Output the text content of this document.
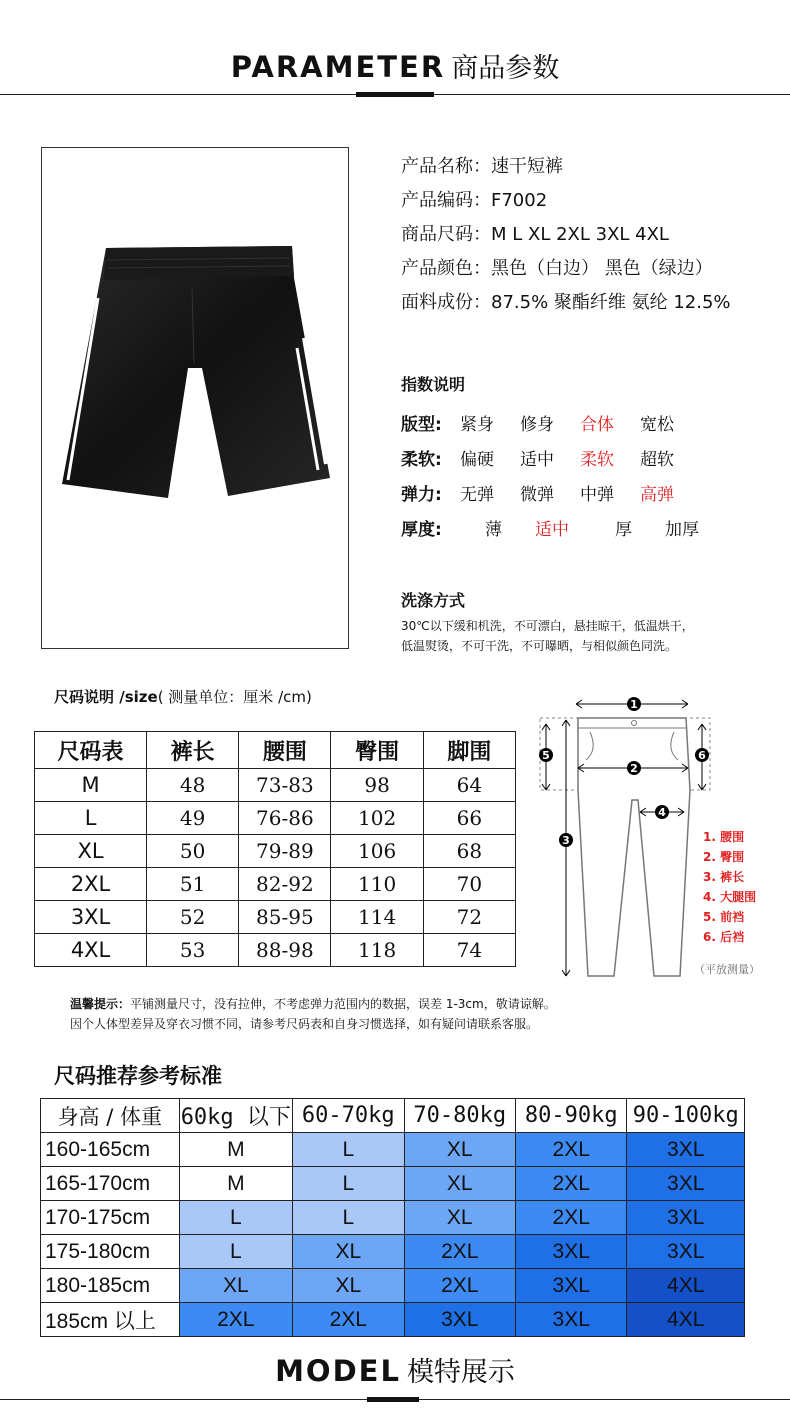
PARAMETER 商品参数
产品名称：速干短裤
产品编码：F7002
商品尺码：M L XL 2XL 3XL 4XL
产品颜色：黑色（白边） 黑色（绿边）
面料成份：87.5% 聚酯纤维 氨纶 12.5%
指数说明
版型: 紧身 修身 合体 宽松
柔软: 偏硬 适中 柔软 超软
弹力: 无弹 微弹 中弹 高弹
厚度:	薄 适中	厚 加厚
洗涤方式
30℃以下缓和机洗，不可漂白，悬挂晾干，低温烘干，
低温熨烫，不可干洗，不可曝晒，与相似颜色同洗。
尺码说明 /size( 测量单位：厘米 /cm)
尺码表	裤长	腰围	臀围	脚围
M	48	73-83	98	64
L	49	76-86	102	66
XL	50	79-89	106	68
2XL	51	82-92	110	70
3XL	52	85-95	114	72
4XL	53	88-98	118	74
1
2
3
4
5	6
1. 腰围
2. 臀围
3. 裤长
4. 大腿围
5. 前裆
6. 后裆
（平放测量）
温馨提示：平铺测量尺寸，没有拉伸，不考虑弹力范围内的数据，误差 1-3cm，敬请谅解。
因个人体型差异及穿衣习惯不同，请参考尺码表和自身习惯选择，如有疑问请联系客服。
尺码推荐参考标准
身高 / 体重	60kg 以下	60-70kg	70-80kg	80-90kg	90-100kg
160-165cm	M	L	XL	2XL	3XL
165-170cm	M	L	XL	2XL	3XL
170-175cm	L	L	XL	2XL	3XL
175-180cm	L	XL	2XL	3XL	3XL
180-185cm	XL	XL	2XL	3XL	4XL
185cm 以上	2XL	2XL	3XL	3XL	4XL
MODEL 模特展示
